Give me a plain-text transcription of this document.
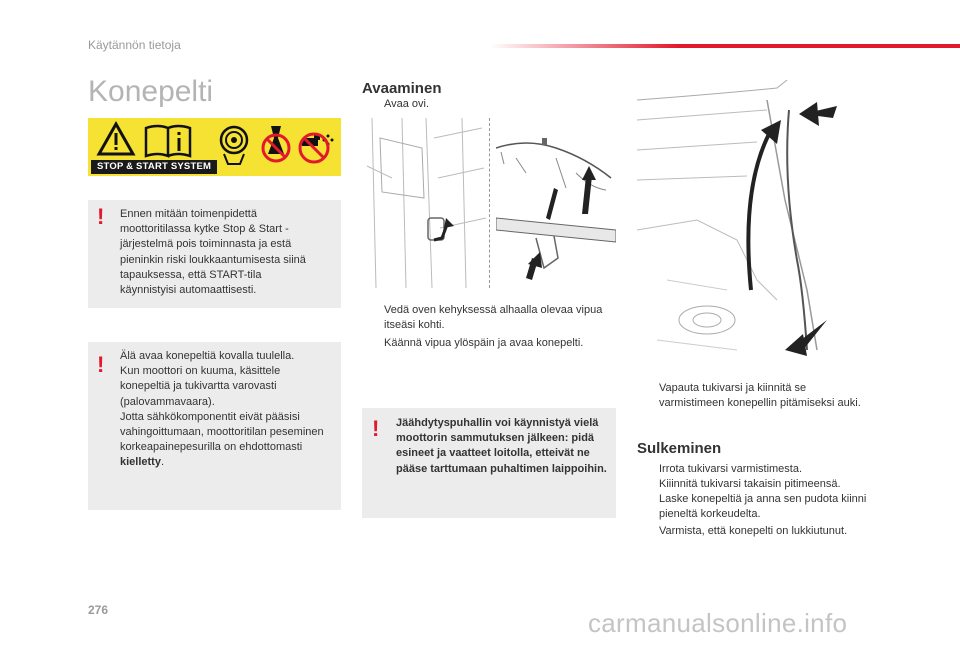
Käytännön tietoja
Konepelti
STOP & START SYSTEM
! Ennen mitään toimenpidettä moottoritilassa kytke Stop & Start -järjestelmä pois toiminnasta ja estä pieninkin riski loukkaantumisesta siinä tapauksessa, että START-tila käynnistyisi automaattisesti.
! Älä avaa konepeltiä kovalla tuulella.
Kun moottori on kuuma, käsittele konepeltiä ja tukivartta varovasti (palovammavaara).
Jotta sähkökomponentit eivät pääsisi vahingoittumaan, moottoritilan peseminen korkeapainepesurilla on ehdottomasti kielletty.
Avaaminen
Avaa ovi.
Vedä oven kehyksessä alhaalla olevaa vipua itseäsi kohti.
Käännä vipua ylöspäin ja avaa konepelti.
! Jäähdytyspuhallin voi käynnistyä vielä moottorin sammutuksen jälkeen: pidä esineet ja vaatteet loitolla, etteivät ne pääse tarttumaan puhaltimen laippoihin.
Vapauta tukivarsi ja kiinnitä se varmistimeen konepellin pitämiseksi auki.
Sulkeminen
Irrota tukivarsi varmistimesta.
Kiiinnitä tukivarsi takaisin pitimeensä.
Laske konepeltiä ja anna sen pudota kiinni pieneltä korkeudelta.
Varmista, että konepelti on lukkiutunut.
276	carmanualsonline.info
